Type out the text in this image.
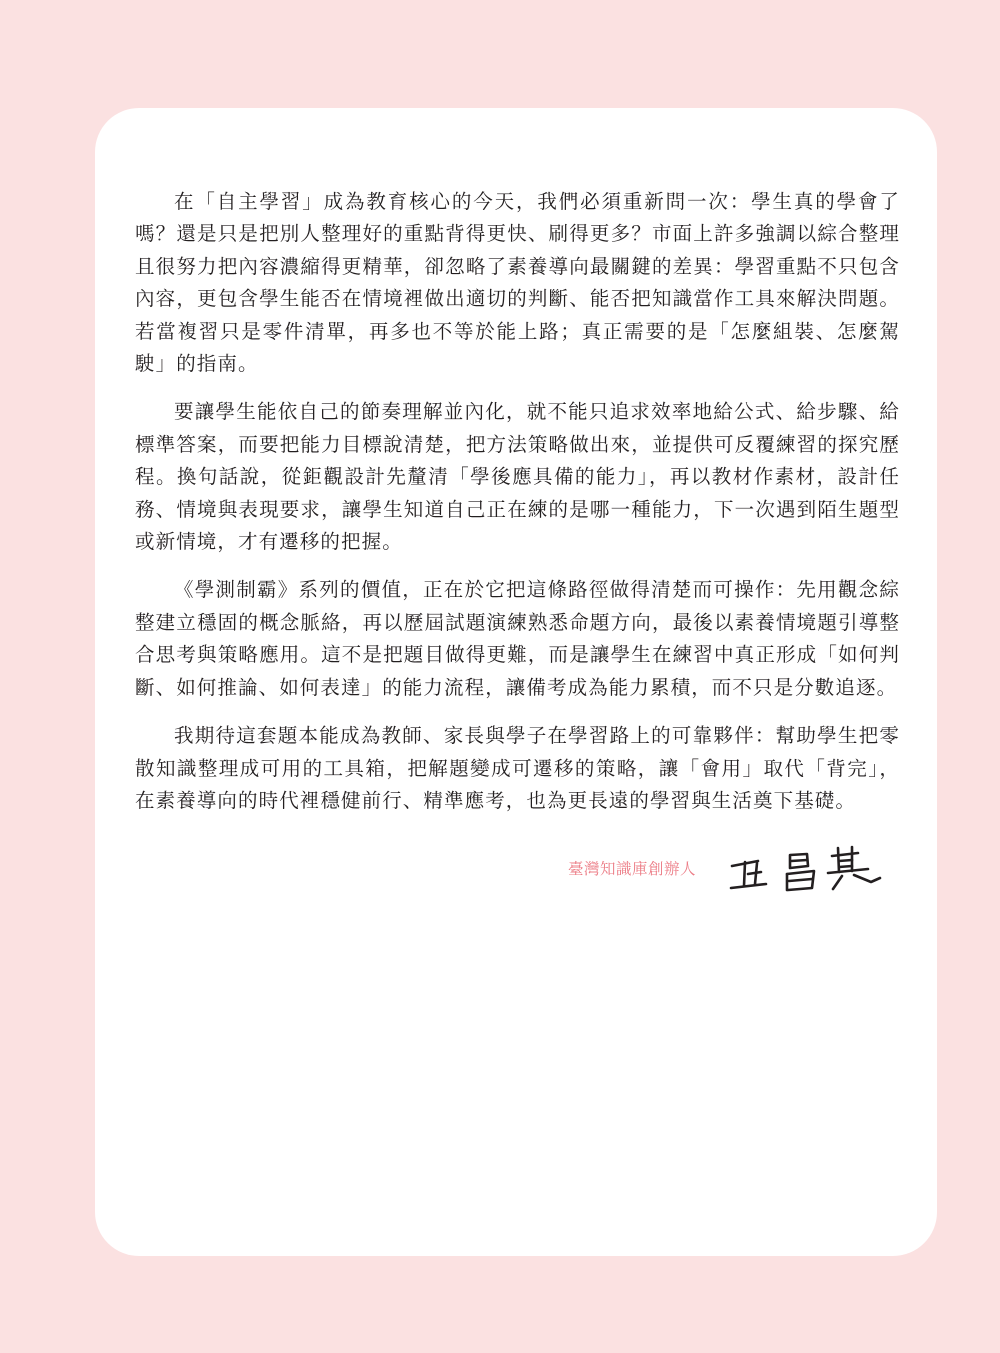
在「自主學習」成為教育核心的今天，我們必須重新問一次：學生真的學會了嗎？還是只是把別人整理好的重點背得更快、刷得更多？市面上許多強調以綜合整理且很努力把內容濃縮得更精華，卻忽略了素養導向最關鍵的差異：學習重點不只包含內容，更包含學生能否在情境裡做出適切的判斷、能否把知識當作工具來解決問題。若當複習只是零件清單，再多也不等於能上路；真正需要的是「怎麼組裝、怎麼駕駛」的指南。

要讓學生能依自己的節奏理解並內化，就不能只追求效率地給公式、給步驟、給標準答案，而要把能力目標說清楚，把方法策略做出來，並提供可反覆練習的探究歷程。換句話說，從鉅觀設計先釐清「學後應具備的能力」，再以教材作素材，設計任務、情境與表現要求，讓學生知道自己正在練的是哪一種能力，下一次遇到陌生題型或新情境，才有遷移的把握。

《學測制霸》系列的價值，正在於它把這條路徑做得清楚而可操作：先用觀念綜整建立穩固的概念脈絡，再以歷屆試題演練熟悉命題方向，最後以素養情境題引導整合思考與策略應用。這不是把題目做得更難，而是讓學生在練習中真正形成「如何判斷、如何推論、如何表達」的能力流程，讓備考成為能力累積，而不只是分數追逐。

我期待這套題本能成為教師、家長與學子在學習路上的可靠夥伴：幫助學生把零散知識整理成可用的工具箱，把解題變成可遷移的策略，讓「會用」取代「背完」，在素養導向的時代裡穩健前行、精準應考，也為更長遠的學習與生活奠下基礎。

臺灣知識庫創辦人
